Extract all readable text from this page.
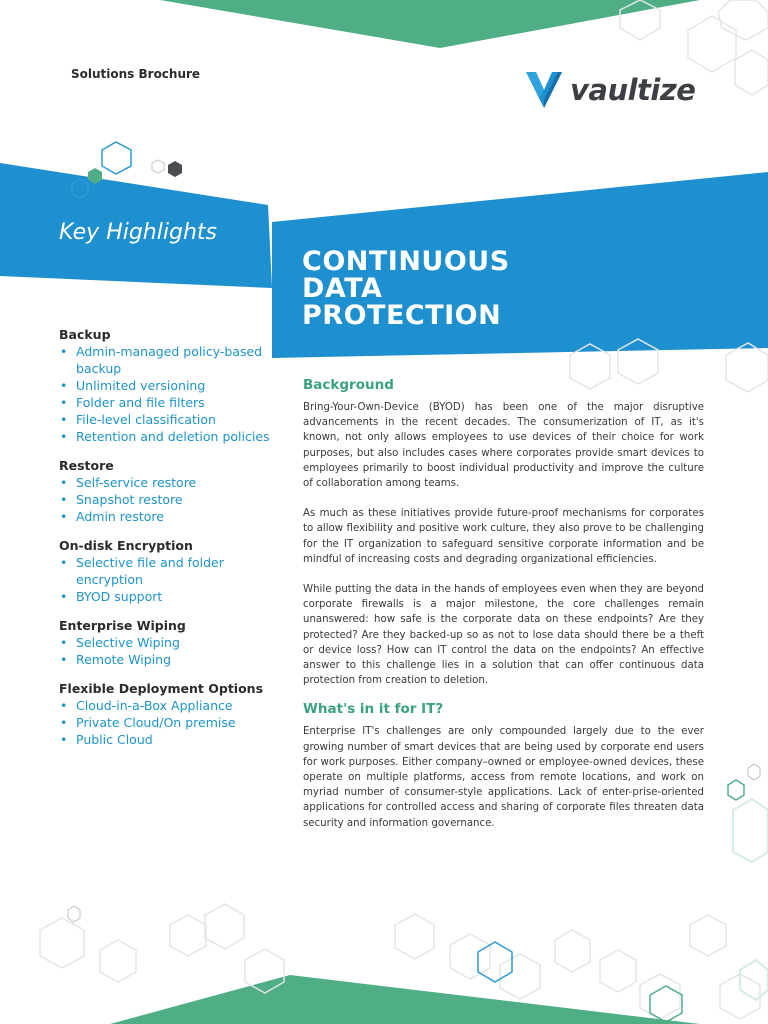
Solutions Brochure	vaultize
Key Highlights
CONTINUOUS
DATA
PROTECTION
Backup
• Admin-managed policy-based backup
• Unlimited versioning
• Folder and file filters
• File-level classification
• Retention and deletion policies
Restore
• Self-service restore
• Snapshot restore
• Admin restore
On-disk Encryption
• Selective file and folder encryption
• BYOD support
Enterprise Wiping
• Selective Wiping
• Remote Wiping
Flexible Deployment Options
• Cloud-in-a-Box Appliance
• Private Cloud/On premise
• Public Cloud
Background

Bring-Your-Own-Device (BYOD) has been one of the major disruptive advancements in the recent decades. The consumerization of IT, as it's known, not only allows employees to use devices of their choice for work purposes, but also includes cases where corporates provide smart devices to employees primarily to boost individual productivity and improve the culture of collaboration among teams.

As much as these initiatives provide future-proof mechanisms for corporates to allow flexibility and positive work culture, they also prove to be challenging for the IT organization to safeguard sensitive corporate information and be mindful of increasing costs and degrading organizational efficiencies.

While putting the data in the hands of employees even when they are beyond corporate firewalls is a major milestone, the core challenges remain unanswered: how safe is the corporate data on these endpoints? Are they protected? Are they backed-up so as not to lose data should there be a theft or device loss? How can IT control the data on the endpoints? An effective answer to this challenge lies in a solution that can offer continuous data protection from creation to deletion.

What's in it for IT?

Enterprise IT's challenges are only compounded largely due to the ever growing number of smart devices that are being used by corporate end users for work purposes. Either company–owned or employee-owned devices, these operate on multiple platforms, access from remote locations, and work on myriad number of consumer-style applications. Lack of enter-prise-oriented applications for controlled access and sharing of corporate files threaten data security and information governance.
